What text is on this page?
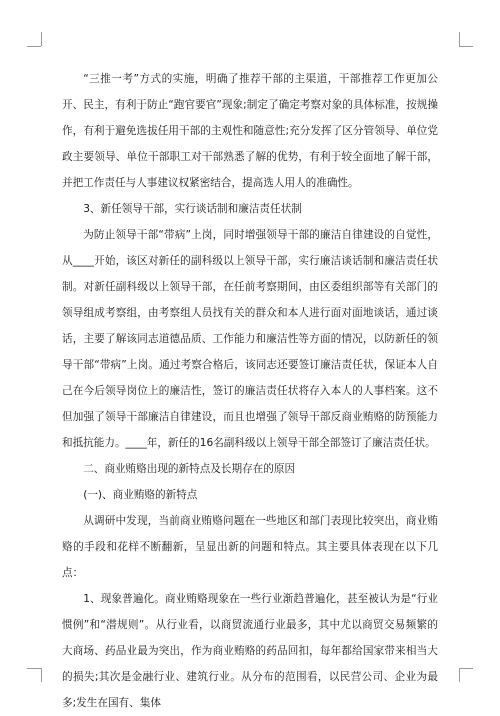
“三推一考”方式的实施，明确了推荐干部的主渠道，干部推荐工作更加公开、民主，有利于防止“跑官要官”现象;制定了确定考察对象的具体标准，按规操作，有利于避免选拔任用干部的主观性和随意性;充分发挥了区分管领导、单位党政主要领导、单位干部职工对干部熟悉了解的优势，有利于较全面地了解干部，并把工作责任与人事建议权紧密结合，提高选人用人的准确性。

3、新任领导干部，实行谈话制和廉洁责任状制

为防止领导干部“带病”上岗，同时增强领导干部的廉洁自律建设的自觉性，从____开始，该区对新任的副科级以上领导干部，实行廉洁谈话制和廉洁责任状制。对新任副科级以上领导干部，在任前考察期间，由区委组织部等有关部门的领导组成考察组，由考察组人员找有关的群众和本人进行面对面地谈话，通过谈话，主要了解该同志道德品质、工作能力和廉洁性等方面的情况，以防新任的领导干部“带病”上岗。通过考察合格后，该同志还要签订廉洁责任状，保证本人自己在今后领导岗位上的廉洁性，签订的廉洁责任状将存入本人的人事档案。这不但加强了领导干部廉洁自律建设，而且也增强了领导干部反商业贿赂的防预能力和抵抗能力。____年，新任的16名副科级以上领导干部全部签订了廉洁责任状。

二、商业贿赂出现的新特点及长期存在的原因

(一)、商业贿赂的新特点

从调研中发现，当前商业贿赂问题在一些地区和部门表现比较突出，商业贿赂的手段和花样不断翻新，呈显出新的问题和特点。其主要具体表现在以下几点：

1、现象普遍化。商业贿赂现象在一些行业渐趋普遍化，甚至被认为是“行业惯例”和“潜规则”。从行业看，以商贸流通行业最多，其中尤以商贸交易频繁的大商场、药品业最为突出，作为商业贿赂的药品回扣，每年都给国家带来相当大的损失;其次是金融行业、建筑行业。从分布的范围看，以民营公司、企业为最多;发生在国有、集体
